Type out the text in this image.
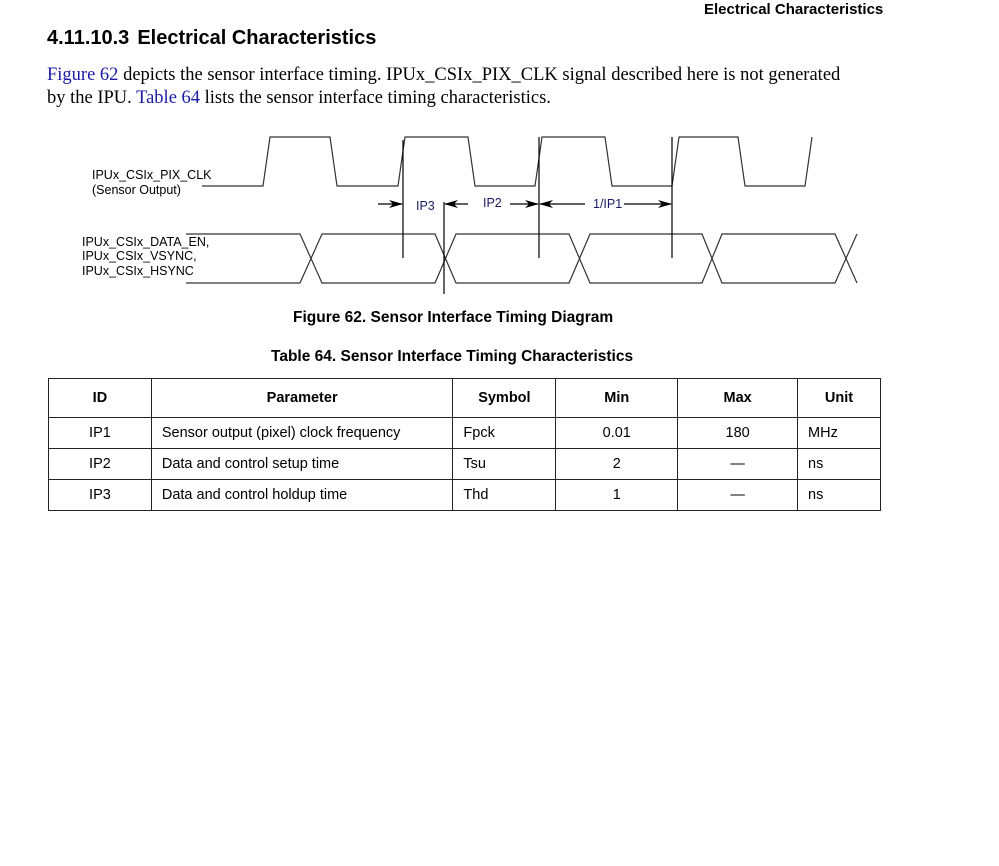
Electrical Characteristics
4.11.10.3 Electrical Characteristics

Figure 62 depicts the sensor interface timing. IPUx_CSIx_PIX_CLK signal described here is not generated by the IPU. Table 64 lists the sensor interface timing characteristics.

IPUx_CSIx_PIX_CLK
(Sensor Output)
IPUx_CSIx_DATA_EN,
IPUx_CSIx_VSYNC,
IPUx_CSIx_HSYNC
IP3	IP2	1/IP1

Figure 62. Sensor Interface Timing Diagram

Table 64. Sensor Interface Timing Characteristics

ID	Parameter	Symbol	Min	Max	Unit
IP1	Sensor output (pixel) clock frequency	Fpck	0.01	180	MHz
IP2	Data and control setup time	Tsu	2	—	ns
IP3	Data and control holdup time	Thd	1	—	ns
